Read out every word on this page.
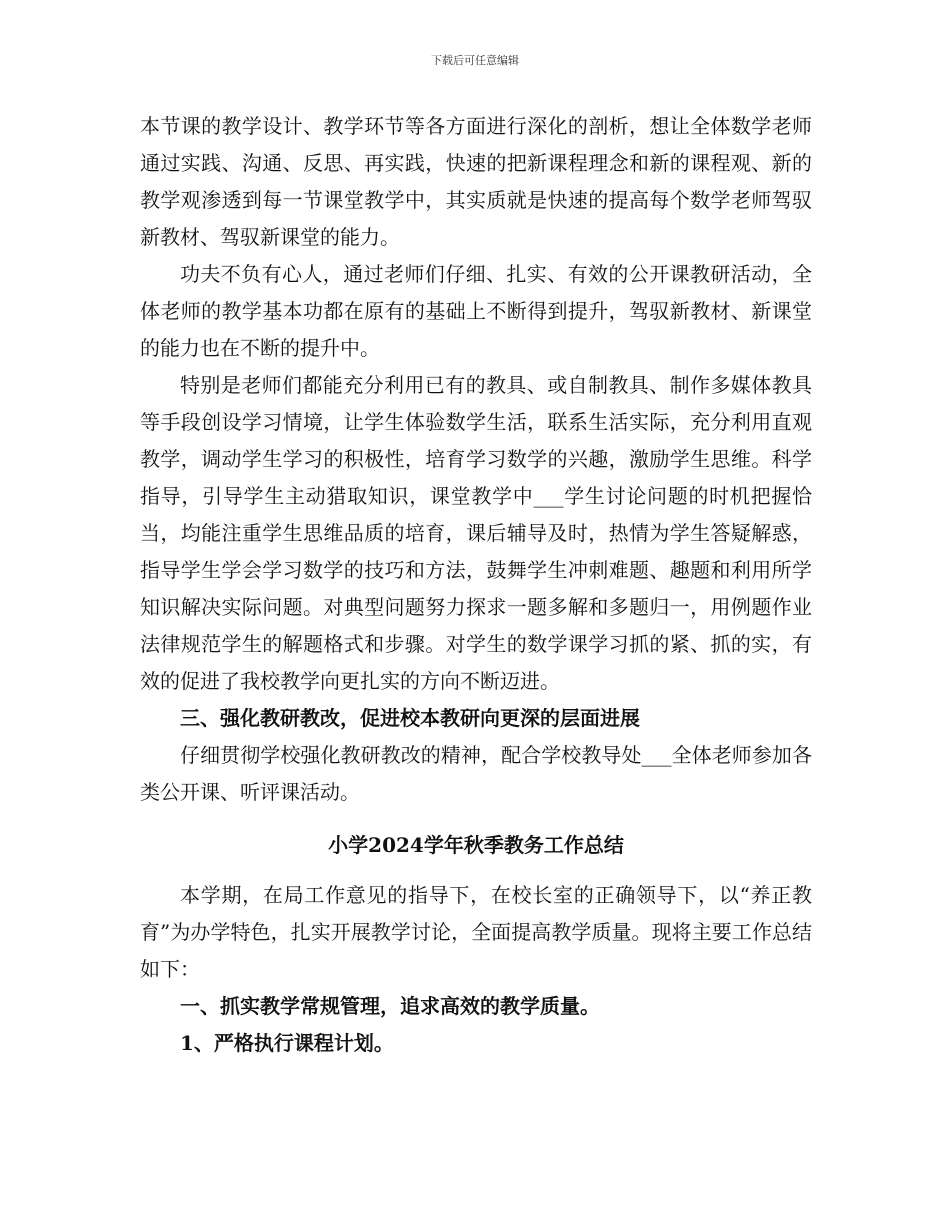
下载后可任意编辑

本节课的教学设计、教学环节等各方面进行深化的剖析，想让全体数学老师通过实践、沟通、反思、再实践，快速的把新课程理念和新的课程观、新的教学观渗透到每一节课堂教学中，其实质就是快速的提高每个数学老师驾驭新教材、驾驭新课堂的能力。

功夫不负有心人，通过老师们仔细、扎实、有效的公开课教研活动，全体老师的教学基本功都在原有的基础上不断得到提升，驾驭新教材、新课堂的能力也在不断的提升中。

特别是老师们都能充分利用已有的教具、或自制教具、制作多媒体教具等手段创设学习情境，让学生体验数学生活，联系生活实际，充分利用直观教学，调动学生学习的积极性，培育学习数学的兴趣，激励学生思维。科学指导，引导学生主动猎取知识，课堂教学中___学生讨论问题的时机把握恰当，均能注重学生思维品质的培育，课后辅导及时，热情为学生答疑解惑，指导学生学会学习数学的技巧和方法，鼓舞学生冲刺难题、趣题和利用所学知识解决实际问题。对典型问题努力探求一题多解和多题归一，用例题作业法律规范学生的解题格式和步骤。对学生的数学课学习抓的紧、抓的实，有效的促进了我校教学向更扎实的方向不断迈进。

三、强化教研教改，促进校本教研向更深的层面进展

仔细贯彻学校强化教研教改的精神，配合学校教导处___全体老师参加各类公开课、听评课活动。

小学2024学年秋季教务工作总结

本学期，在局工作意见的指导下，在校长室的正确领导下，以“养正教育”为办学特色，扎实开展教学讨论，全面提高教学质量。现将主要工作总结如下：

一、抓实教学常规管理，追求高效的教学质量。

1、严格执行课程计划。
